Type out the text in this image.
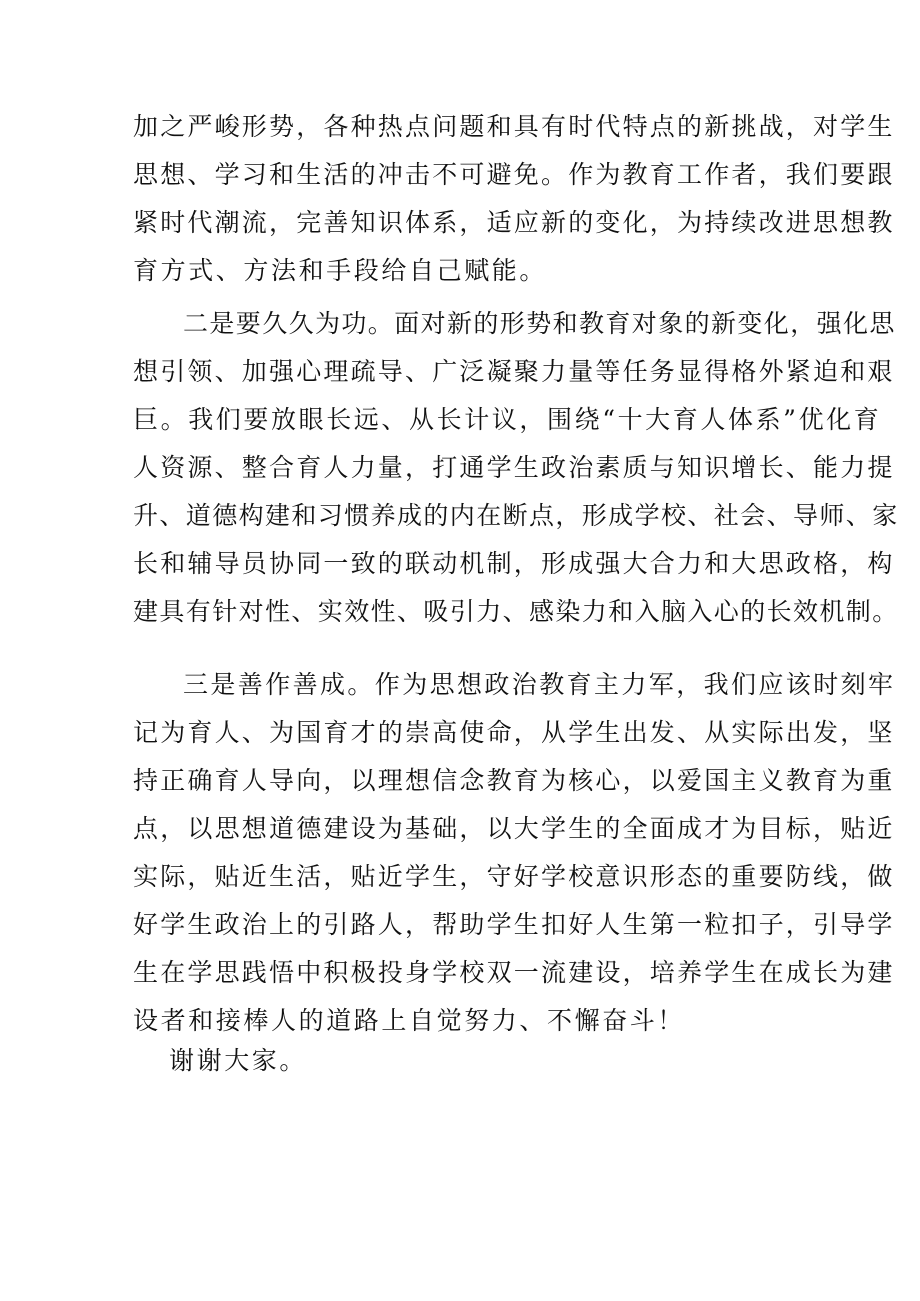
加之严峻形势，各种热点问题和具有时代特点的新挑战，对学生
思想、学习和生活的冲击不可避免。作为教育工作者，我们要跟
紧时代潮流，完善知识体系，适应新的变化，为持续改进思想教
育方式、方法和手段给自己赋能。
二是要久久为功。面对新的形势和教育对象的新变化，强化思
想引领、加强心理疏导、广泛凝聚力量等任务显得格外紧迫和艰
巨。我们要放眼长远、从长计议，围绕“十大育人体系”优化育
人资源、整合育人力量，打通学生政治素质与知识增长、能力提
升、道德构建和习惯养成的内在断点，形成学校、社会、导师、家
长和辅导员协同一致的联动机制，形成强大合力和大思政格，构
建具有针对性、实效性、吸引力、感染力和入脑入心的长效机制。
三是善作善成。作为思想政治教育主力军，我们应该时刻牢
记为育人、为国育才的崇高使命，从学生出发、从实际出发，坚
持正确育人导向，以理想信念教育为核心，以爱国主义教育为重
点，以思想道德建设为基础，以大学生的全面成才为目标，贴近
实际，贴近生活，贴近学生，守好学校意识形态的重要防线，做
好学生政治上的引路人，帮助学生扣好人生第一粒扣子，引导学
生在学思践悟中积极投身学校双一流建设，培养学生在成长为建
设者和接棒人的道路上自觉努力、不懈奋斗！
谢谢大家。
